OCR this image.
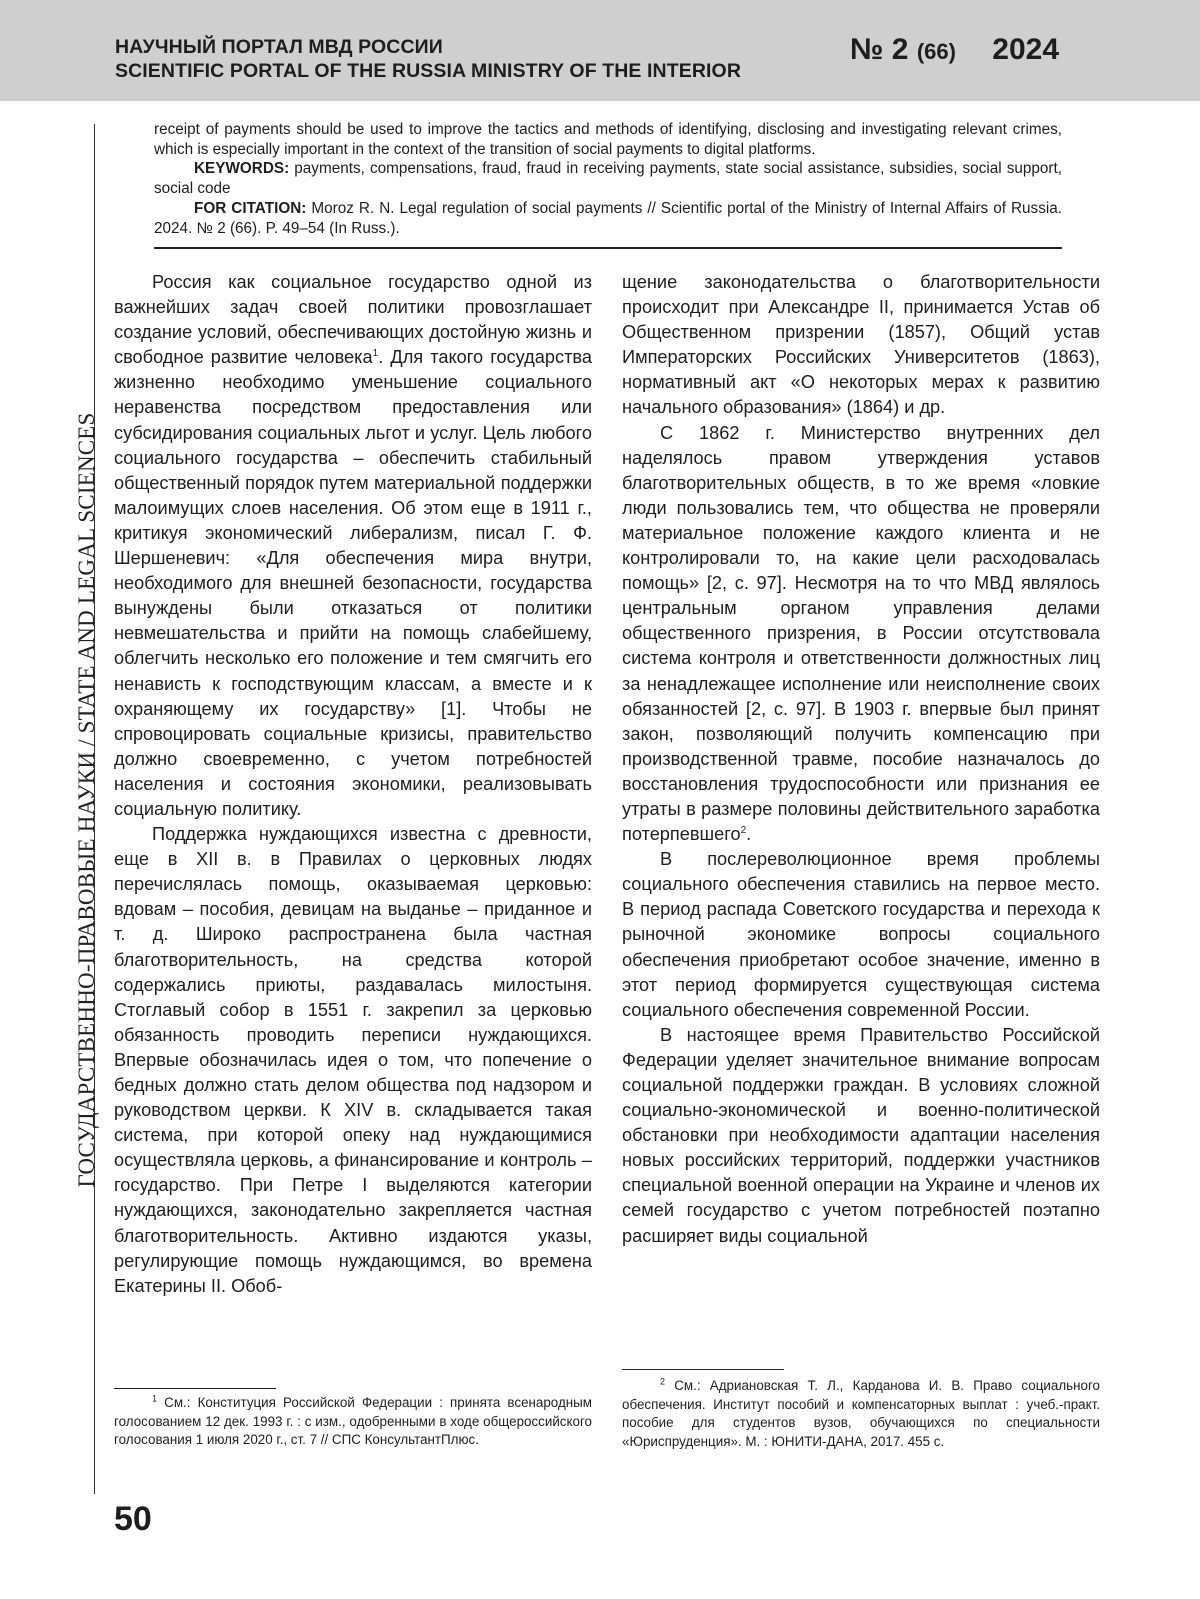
НАУЧНЫЙ ПОРТАЛ МВД РОССИИ
SCIENTIFIC PORTAL OF THE RUSSIA MINISTRY OF THE INTERIOR
№ 2 (66) 2024
ГОСУДАРСТВЕННО-ПРАВОВЫЕ НАУКИ / STATE AND LEGAL SCIENCES

receipt of payments should be used to improve the tactics and methods of identifying, disclosing and investigating relevant crimes, which is especially important in the context of the transition of social payments to digital platforms.

KEYWORDS: payments, compensations, fraud, fraud in receiving payments, state social assistance, subsidies, social support, social code

FOR CITATION: Moroz R. N. Legal regulation of social payments // Scientific portal of the Ministry of Internal Affairs of Russia. 2024. № 2 (66). P. 49–54 (In Russ.).

Россия как социальное государство одной из важнейших задач своей политики провозглашает создание условий, обеспечивающих достойную жизнь и свободное развитие человека$^1$. Для такого государства жизненно необходимо уменьшение социального неравенства посредством предоставления или субсидирования социальных льгот и услуг. Цель любого социального государства – обеспечить стабильный общественный порядок путем материальной поддержки малоимущих слоев населения. Об этом еще в 1911 г., критикуя экономический либерализм, писал Г. Ф. Шершеневич: «Для обеспечения мира внутри, необходимого для внешней безопасности, государства вынуждены были отказаться от политики невмешательства и прийти на помощь слабейшему, облегчить несколько его положение и тем смягчить его ненависть к господствующим классам, а вместе и к охраняющему их государству» [1]. Чтобы не спровоцировать социальные кризисы, правительство должно своевременно, с учетом потребностей населения и состояния экономики, реализовывать социальную политику.

Поддержка нуждающихся известна с древности, еще в XII в. в Правилах о церковных людях перечислялась помощь, оказываемая церковью: вдовам – пособия, девицам на выданье – приданное и т. д. Широко распространена была частная благотворительность, на средства которой содержались приюты, раздавалась милостыня. Стоглавый собор в 1551 г. закрепил за церковью обязанность проводить переписи нуждающихся. Впервые обозначилась идея о том, что попечение о бедных должно стать делом общества под надзором и руководством церкви. К XIV в. складывается такая система, при которой опеку над нуждающимися осуществляла церковь, а финансирование и контроль – государство. При Петре I выделяются категории нуждающихся, законодательно закрепляется частная благотворительность. Активно издаются указы, регулирующие помощь нуждающимся, во времена Екатерины II. Обоб-

щение законодательства о благотворительности происходит при Александре II, принимается Устав об Общественном призрении (1857), Общий устав Императорских Российских Университетов (1863), нормативный акт «О некоторых мерах к развитию начального образования» (1864) и др.

С 1862 г. Министерство внутренних дел наделялось правом утверждения уставов благотворительных обществ, в то же время «ловкие люди пользовались тем, что общества не проверяли материальное положение каждого клиента и не контролировали то, на какие цели расходовалась помощь» [2, с. 97]. Несмотря на то что МВД являлось центральным органом управления делами общественного призрения, в России отсутствовала система контроля и ответственности должностных лиц за ненадлежащее исполнение или неисполнение своих обязанностей [2, с. 97]. В 1903 г. впервые был принят закон, позволяющий получить компенсацию при производственной травме, пособие назначалось до восстановления трудоспособности или признания ее утраты в размере половины действительного заработка потерпевшего$^2$.

В послереволюционное время проблемы социального обеспечения ставились на первое место. В период распада Советского государства и перехода к рыночной экономике вопросы социального обеспечения приобретают особое значение, именно в этот период формируется существующая система социального обеспечения современной России.

В настоящее время Правительство Российской Федерации уделяет значительное внимание вопросам социальной поддержки граждан. В условиях сложной социально-экономической и военно-политической обстановки при необходимости адаптации населения новых российских территорий, поддержки участников специальной военной операции на Украине и членов их семей государство с учетом потребностей поэтапно расширяет виды социальной

$^1$ См.: Конституция Российской Федерации : принята всенародным голосованием 12 дек. 1993 г. : с изм., одобренными в ходе общероссийского голосования 1 июля 2020 г., ст. 7 // СПС КонсультантПлюс.

$^2$ См.: Адриановская Т. Л., Карданова И. В. Право социального обеспечения. Институт пособий и компенсаторных выплат : учеб.-практ. пособие для студентов вузов, обучающихся по специальности «Юриспруденция». М. : ЮНИТИ-ДАНА, 2017. 455 с.

50
